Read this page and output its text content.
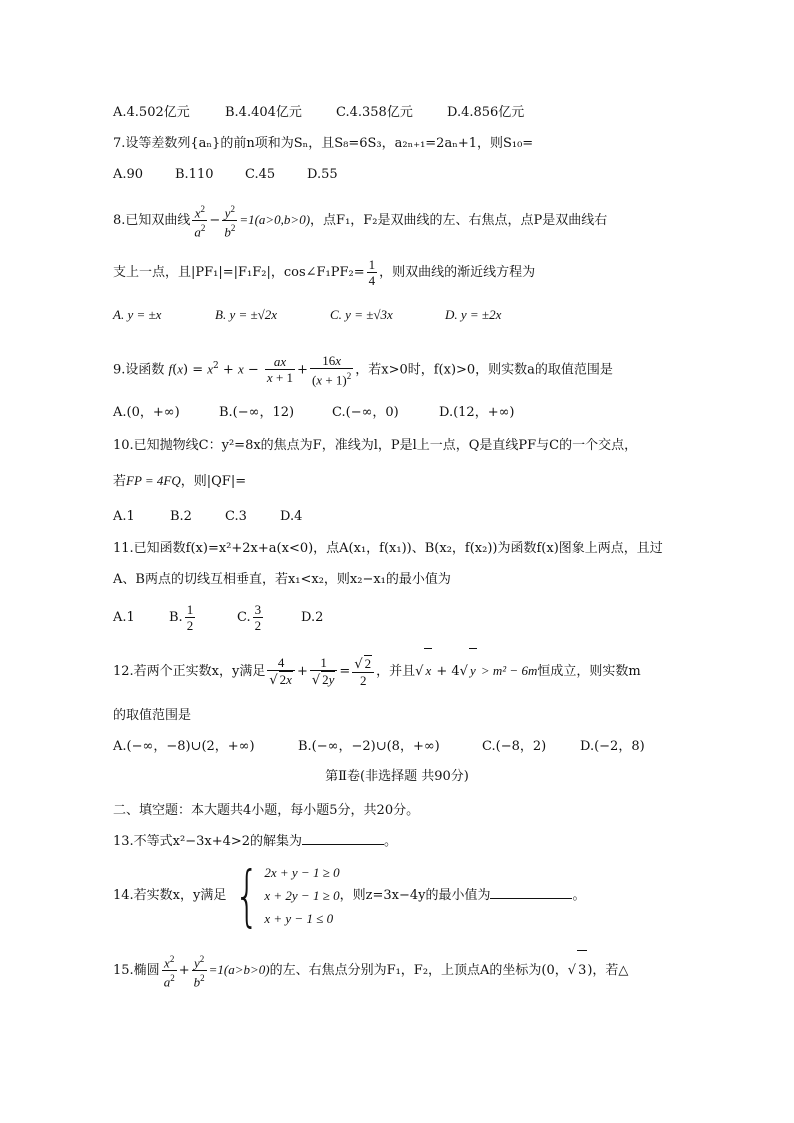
A.4.502亿元	B.4.404亿元	C.4.358亿元	D.4.856亿元
7.设等差数列{aₙ}的前n项和为Sₙ，且S₈=6S₃，a₂ₙ₊₁=2aₙ+1，则S₁₀=
A.90 B.110 C.45 D.55
8.已知双曲线 $\frac{x^2}{a^2} - \frac{y^2}{b^2} =1(a>0,b>0)$，点F₁，F₂是双曲线的左、右焦点，点P是双曲线右
支上一点，且|PF₁|=|F₁F₂|，cos∠F₁PF₂= $\frac{1}{4}$ ，则双曲线的渐近线方程为
A. y = ±x	B. y = ±√2x	C. y = ±√3x	D. y = ±2x
9.设函数 $f(x) = x^2 + x - \frac{ax}{x + 1} + \frac{16x}{(x + 1)^2}$ ，若x>0时，f(x)>0，则实数a的取值范围是
A.(0，+∞)	B.(−∞，12)	C.(−∞，0)	D.(12，+∞)
10.已知抛物线C：y²=8x的焦点为F，准线为l，P是l上一点，Q是直线PF与C的一个交点，
若FP = 4FQ，则|QF|=
A.1	B.2	C.3	D.4
11.已知函数f(x)=x²+2x+a(x<0)，点A(x₁，f(x₁))、B(x₂，f(x₂))为函数f(x)图象上两点，且过
A、B两点的切线互相垂直，若x₁<x₂，则x₂−x₁的最小值为
A.1	B. $\frac{1}{2}$	C. $\frac{3}{2}$	D.2
12.若两个正实数x，y满足 $\frac{4}{√ 2x} + \frac{1}{√ 2y} = \frac{√ 2}{2}$ ，并且√ x + 4√ y > m² − 6m恒成立，则实数m
的取值范围是
A.(−∞，−8)∪(2，+∞)	B.(−∞，−2)∪(8，+∞)	C.(−8，2)	D.(−2，8)
第Ⅱ卷(非选择题 共90分)
二、填空题：本大题共4小题，每小题5分，共20分。
13.不等式x²−3x+4>2的解集为	。
14.若实数x，y满足 { 2x + y − 1 ≥ 0
x + 2y − 1 ≥ 0
x + y − 1 ≤ 0
，则z=3x−4y的最小值为	。
15.椭圆 $\frac{x^2}{a^2} + \frac{y^2}{b^2} =1(a>b>0)$的左、右焦点分别为F₁，F₂，上顶点A的坐标为(0，√ 3)，若△
